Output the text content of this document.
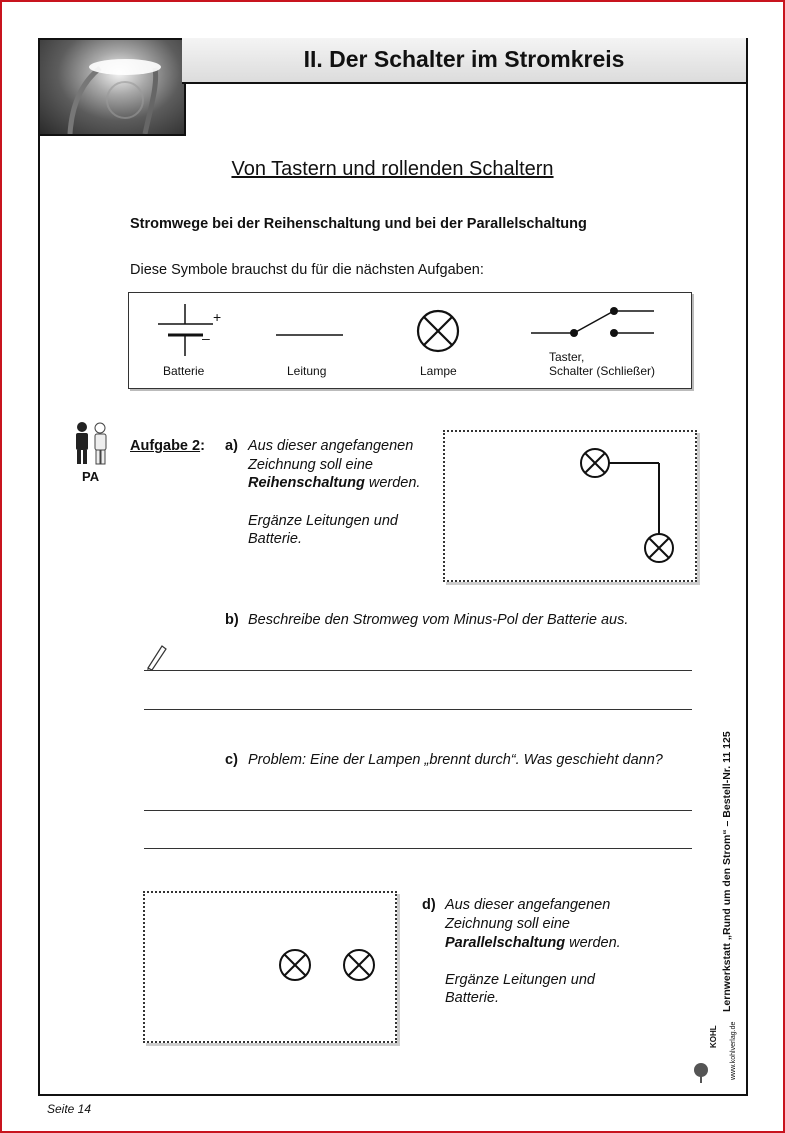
II. Der Schalter im Stromkreis
Von Tastern und rollenden Schaltern
Stromwege bei der Reihenschaltung und bei der Parallelschaltung
Diese Symbole brauchst du für die nächsten Aufgaben:
+
–
Batterie	Leitung	Lampe
Taster,
Schalter (Schließer)
PA
Aufgabe 2: a) Aus dieser angefangenen
Zeichnung soll eine
Reihenschaltung werden.
Ergänze Leitungen und
Batterie.
b) Beschreibe den Stromweg vom Minus-Pol der Batterie aus.
c) Problem: Eine der Lampen „brennt durch“. Was geschieht dann?
d) Aus dieser angefangenen
Zeichnung soll eine
Parallelschaltung werden.
Ergänze Leitungen und
Batterie.	Lernwerkstatt „Rund um den Strom“ – Bestell-Nr. 11 125
KOHL www.kohlverlag.de
Seite 14
